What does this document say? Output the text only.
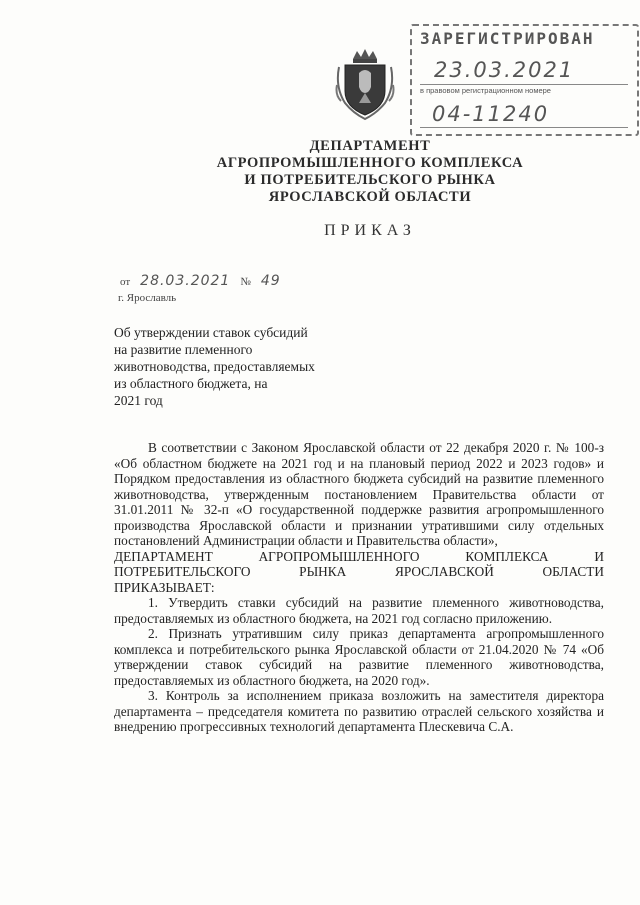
ЗАРЕГИСТРИРОВАН
23.03.2021
в правовом регистрационном номере
04-11240
ДЕПАРТАМЕНТ
АГРОПРОМЫШЛЕННОГО КОМПЛЕКСА
И ПОТРЕБИТЕЛЬСКОГО РЫНКА
ЯРОСЛАВСКОЙ ОБЛАСТИ
ПРИКАЗ
от 28.03.2021 № 49
г. Ярославль
Об утверждении ставок субсидий
на развитие племенного
животноводства, предоставляемых
из областного бюджета, на
2021 год

В соответствии с Законом Ярославской области от 22 декабря 2020 г. № 100-з «Об областном бюджете на 2021 год и на плановый период 2022 и 2023 годов» и Порядком предоставления из областного бюджета субсидий на развитие племенного животноводства, утвержденным постановлением Правительства области от 31.01.2011 № 32-п «О государственной поддержке развития агропромышленного производства Ярославской области и признании утратившими силу отдельных постановлений Администрации области и Правительства области»,

ДЕПАРТАМЕНТ АГРОПРОМЫШЛЕННОГО КОМПЛЕКСА И

ПОТРЕБИТЕЛЬСКОГО РЫНКА ЯРОСЛАВСКОЙ ОБЛАСТИ

ПРИКАЗЫВАЕТ:

1. Утвердить ставки субсидий на развитие племенного животноводства, предоставляемых из областного бюджета, на 2021 год согласно приложению.

2. Признать утратившим силу приказ департамента агропромышленного комплекса и потребительского рынка Ярославской области от 21.04.2020 № 74 «Об утверждении ставок субсидий на развитие племенного животноводства, предоставляемых из областного бюджета, на 2020 год».

3. Контроль за исполнением приказа возложить на заместителя директора департамента – председателя комитета по развитию отраслей сельского хозяйства и внедрению прогрессивных технологий департамента Плескевича С.А.
